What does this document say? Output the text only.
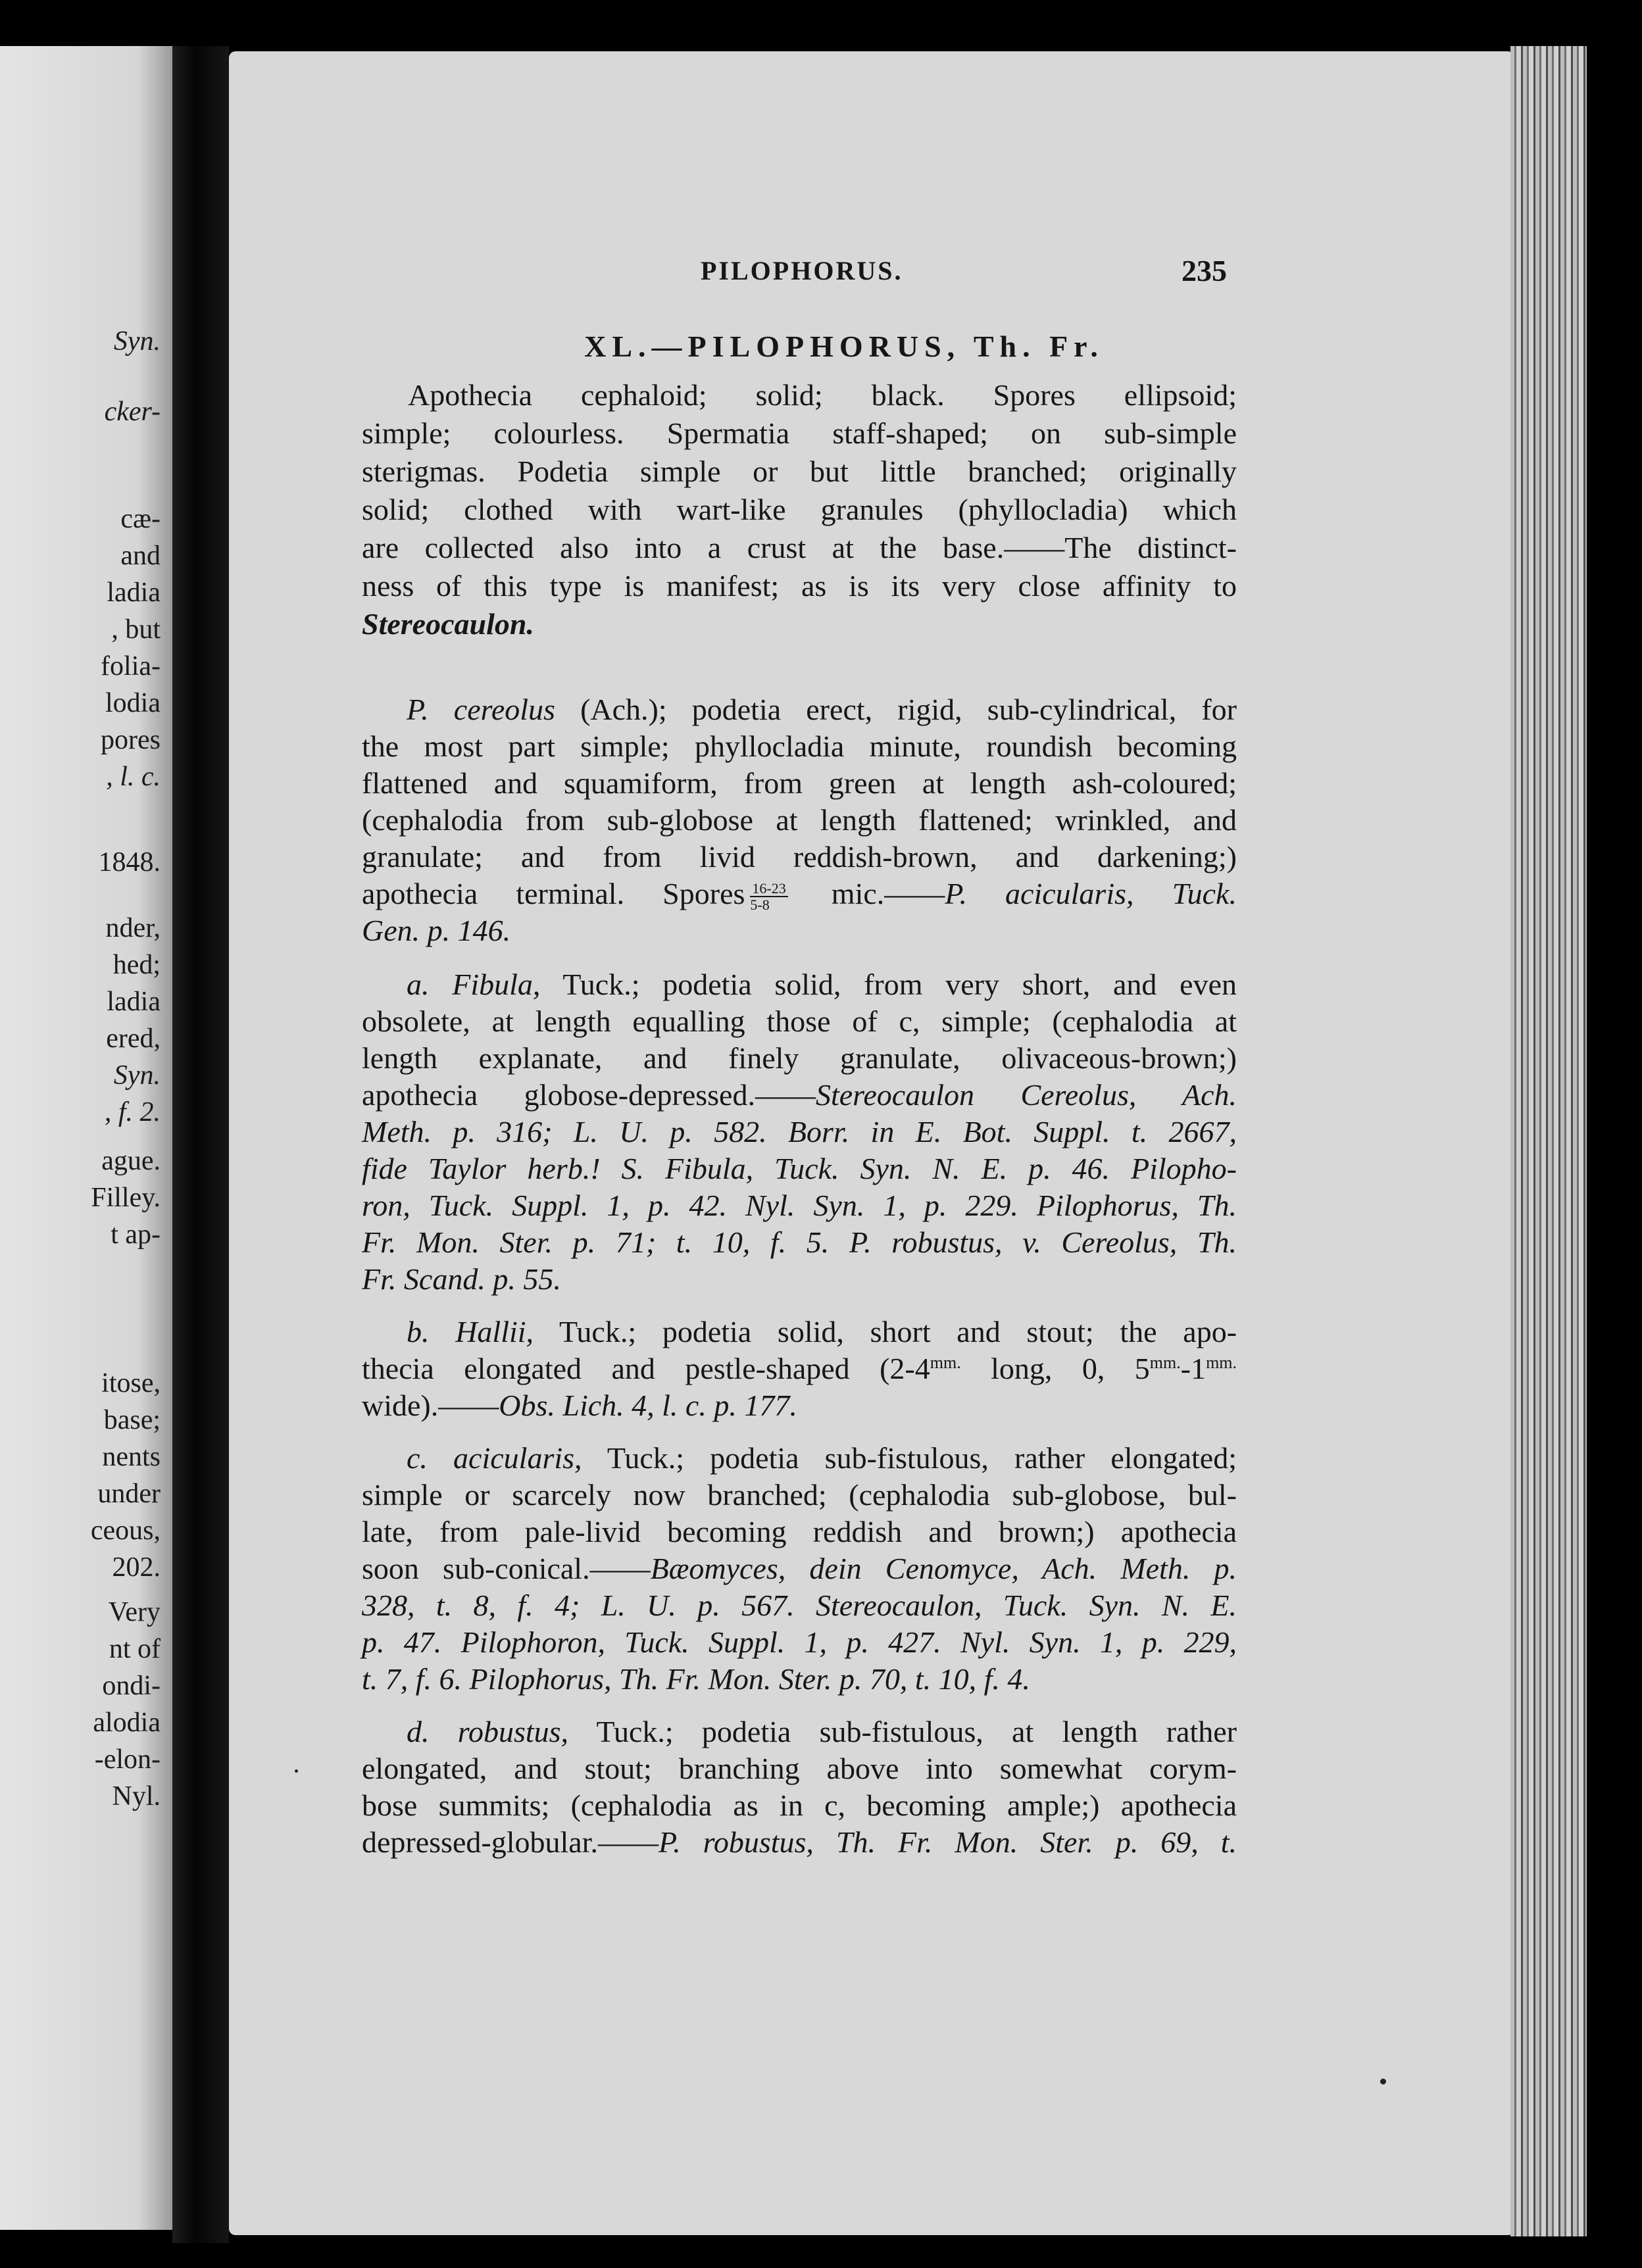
Syn.
cker-
cæ-
and
ladia
, but
folia-
lodia
pores
, l. c.
1848.
nder,
hed;
ladia
ered,
Syn.
, f. 2.
ague.
Filley.
t ap-
itose,
base;
nents
under
ceous,
202.
Very
nt of
ondi-
alodia
-elon-
Nyl.
PILOPHORUS.	235
XL.—PILOPHORUS, Th. Fr.
Apothecia cephaloid; solid; black. Spores ellipsoid;
simple; colourless. Spermatia staff-shaped; on sub-simple
sterigmas. Podetia simple or but little branched; originally
solid; clothed with wart-like granules (phyllocladia) which
are collected also into a crust at the base.——The distinct-
ness of this type is manifest; as is its very close affinity to
Stereocaulon.
P. cereolus (Ach.); podetia erect, rigid, sub-cylindrical, for
the most part simple; phyllocladia minute, roundish becoming
flattened and squamiform, from green at length ash-coloured;
(cephalodia from sub-globose at length flattened; wrinkled, and
granulate; and from livid reddish-brown, and darkening;)
apothecia terminal. Spores $\frac{16-23}{5-8}$ mic.——P. acicularis, Tuck.
Gen. p. 146.
a. Fibula, Tuck.; podetia solid, from very short, and even
obsolete, at length equalling those of c, simple; (cephalodia at
length explanate, and finely granulate, olivaceous-brown;)
apothecia globose-depressed.——Stereocaulon Cereolus, Ach.
Meth. p. 316; L. U. p. 582. Borr. in E. Bot. Suppl. t. 2667,
fide Taylor herb.! S. Fibula, Tuck. Syn. N. E. p. 46. Pilopho-
ron, Tuck. Suppl. 1, p. 42. Nyl. Syn. 1, p. 229. Pilophorus, Th.
Fr. Mon. Ster. p. 71; t. 10, f. 5. P. robustus, v. Cereolus, Th.
Fr. Scand. p. 55.
b. Hallii, Tuck.; podetia solid, short and stout; the apo-
thecia elongated and pestle-shaped ($2-4^{mm.}$ long, 0, $5^{mm.}-1^{mm.}$
wide).——Obs. Lich. 4, l. c. p. 177.
c. acicularis, Tuck.; podetia sub-fistulous, rather elongated;
simple or scarcely now branched; (cephalodia sub-globose, bul-
late, from pale-livid becoming reddish and brown;) apothecia
soon sub-conical.——Bæomyces, dein Cenomyce, Ach. Meth. p.
328, t. 8, f. 4; L. U. p. 567. Stereocaulon, Tuck. Syn. N. E.
p. 47. Pilophoron, Tuck. Suppl. 1, p. 427. Nyl. Syn. 1, p. 229,
t. 7, f. 6. Pilophorus, Th. Fr. Mon. Ster. p. 70, t. 10, f. 4.
d. robustus, Tuck.; podetia sub-fistulous, at length rather
elongated, and stout; branching above into somewhat corym-
bose summits; (cephalodia as in c, becoming ample;) apothecia
depressed-globular.——P. robustus, Th. Fr. Mon. Ster. p. 69, t.
